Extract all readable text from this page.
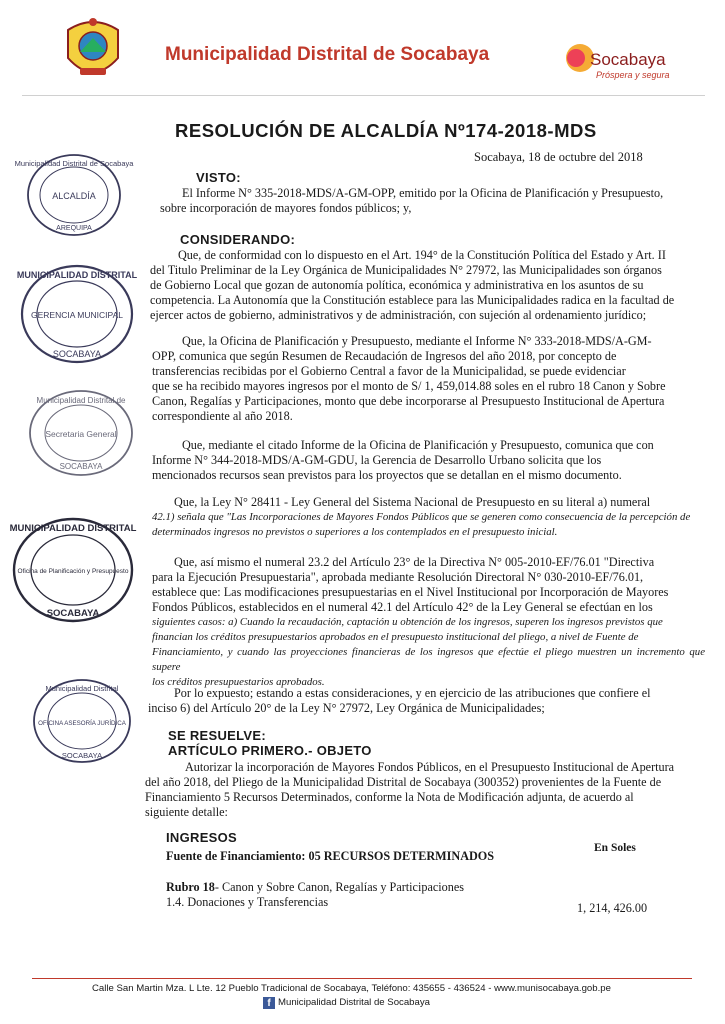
Municipalidad Distrital de Socabaya	Socabaya
Próspera y segura
RESOLUCIÓN DE ALCALDÍA Nº174-2018-MDS
Socabaya, 18 de octubre del 2018
VISTO:
El Informe N° 335-2018-MDS/A-GM-OPP, emitido por la Oficina de Planificación y Presupuesto,
sobre incorporación de mayores fondos públicos; y,
CONSIDERANDO:
Que, de conformidad con lo dispuesto en el Art. 194° de la Constitución Política del Estado y Art. II
del Titulo Preliminar de la Ley Orgánica de Municipalidades N° 27972, las Municipalidades son órganos
de Gobierno Local que gozan de autonomía política, económica y administrativa en los asuntos de su
competencia. La Autonomía que la Constitución establece para las Municipalidades radica en la facultad de
ejercer actos de gobierno, administrativos y de administración, con sujeción al ordenamiento jurídico;
Que, la Oficina de Planificación y Presupuesto, mediante el Informe N° 333-2018-MDS/A-GM-
OPP, comunica que según Resumen de Recaudación de Ingresos del año 2018, por concepto de
transferencias recibidas por el Gobierno Central a favor de la Municipalidad, se puede evidenciar
que se ha recibido mayores ingresos por el monto de S/ 1, 459,014.88 soles en el rubro 18 Canon y Sobre
Canon, Regalías y Participaciones, monto que debe incorporarse al Presupuesto Institucional de Apertura
correspondiente al año 2018.
Que, mediante el citado Informe de la Oficina de Planificación y Presupuesto, comunica que con
Informe N° 344-2018-MDS/A-GM-GDU, la Gerencia de Desarrollo Urbano solicita que los
mencionados recursos sean previstos para los proyectos que se detallan en el mismo documento.
Que, la Ley N° 28411 - Ley General del Sistema Nacional de Presupuesto en su literal a) numeral
42.1) señala que "Las Incorporaciones de Mayores Fondos Públicos que se generen como consecuencia de la percepción de
determinados ingresos no previstos o superiores a los contemplados en el presupuesto inicial.
Que, así mismo el numeral 23.2 del Artículo 23° de la Directiva N° 005-2010-EF/76.01 "Directiva
para la Ejecución Presupuestaria", aprobada mediante Resolución Directoral N° 030-2010-EF/76.01,
establece que: Las modificaciones presupuestarias en el Nivel Institucional por Incorporación de Mayores
Fondos Públicos, establecidos en el numeral 42.1 del Artículo 42° de la Ley General se efectúan en los
siguientes casos: a) Cuando la recaudación, captación u obtención de los ingresos, superen los ingresos previstos que
financian los créditos presupuestarios aprobados en el presupuesto institucional del pliego, a nivel de Fuente de
Financiamiento, y cuando las proyecciones financieras de los ingresos que efectúe el pliego muestren un incremento que supere
los créditos presupuestarios aprobados.
Por lo expuesto; estando a estas consideraciones, y en ejercicio de las atribuciones que confiere el
inciso 6) del Artículo 20° de la Ley N° 27972, Ley Orgánica de Municipalidades;
SE RESUELVE:
ARTÍCULO PRIMERO.- OBJETO
Autorizar la incorporación de Mayores Fondos Públicos, en el Presupuesto Institucional de Apertura
del año 2018, del Pliego de la Municipalidad Distrital de Socabaya (300352) provenientes de la Fuente de
Financiamiento 5 Recursos Determinados, conforme la Nota de Modificación adjunta, de acuerdo al
siguiente detalle:
INGRESOS
Fuente de Financiamiento: 05 RECURSOS DETERMINADOS
En Soles
Rubro 18- Canon y Sobre Canon, Regalías y Participaciones
1.4. Donaciones y Transferencias	1, 214, 426.00
Municipalidad Distrital de Socabaya
ALCALDÍA
AREQUIPA
MUNICIPALIDAD DISTRITAL
GERENCIA MUNICIPAL
SOCABAYA
Municipalidad Distrital de
Secretaria General
SOCABAYA
MUNICIPALIDAD DISTRITAL
Oficina de Planificación y Presupuesto
SOCABAYA
Municipalidad Distrital
OFICINA ASESORÍA JURÍDICA
SOCABAYA
Calle San Martin Mza. L Lte. 12 Pueblo Tradicional de Socabaya, Teléfono: 435655 - 436524 - www.munisocabaya.gob.pe
f Municipalidad Distrital de Socabaya
